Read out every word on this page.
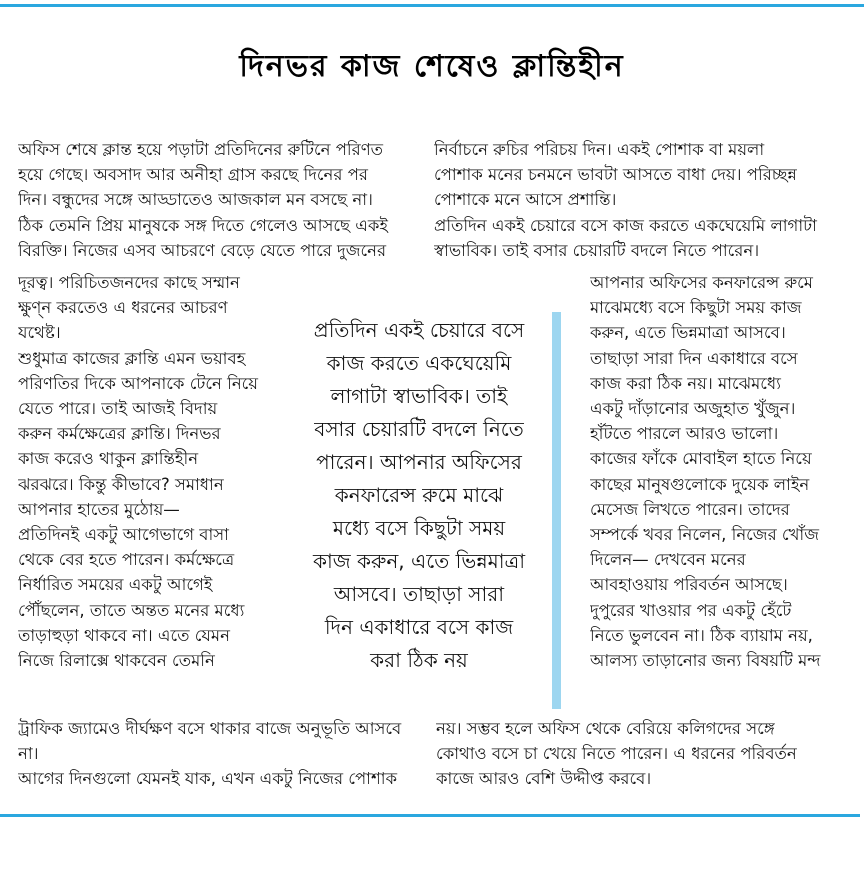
দিনভর কাজ শেষেও ক্লান্তিহীন
অফিস শেষে ক্লান্ত হয়ে পড়াটা প্রতিদিনের রুটিনে পরিণত
হয়ে গেছে। অবসাদ আর অনীহা গ্রাস করছে দিনের পর
দিন। বন্ধুদের সঙ্গে আড্ডাতেও আজকাল মন বসছে না।
ঠিক তেমনি প্রিয় মানুষকে সঙ্গ দিতে গেলেও আসছে একই
বিরক্তি। নিজের এসব আচরণে বেড়ে যেতে পারে দুজনের
নির্বাচনে রুচির পরিচয় দিন। একই পোশাক বা ময়লা
পোশাক মনের চনমনে ভাবটা আসতে বাধা দেয়। পরিচ্ছন্ন
পোশাকে মনে আসে প্রশান্তি।
প্রতিদিন একই চেয়ারে বসে কাজ করতে একঘেয়েমি লাগাটা
স্বাভাবিক। তাই বসার চেয়ারটি বদলে নিতে পারেন।
দূরত্ব। পরিচিতজনদের কাছে সম্মান
ক্ষুণ্ন করতেও এ ধরনের আচরণ
যথেষ্ট।
শুধুমাত্র কাজের ক্লান্তি এমন ভয়াবহ
পরিণতির দিকে আপনাকে টেনে নিয়ে
যেতে পারে। তাই আজই বিদায়
করুন কর্মক্ষেত্রের ক্লান্তি। দিনভর
কাজ করেও থাকুন ক্লান্তিহীন
ঝরঝরে। কিন্তু কীভাবে? সমাধান
আপনার হাতের মুঠোয়—
প্রতিদিনই একটু আগেভাগে বাসা
থেকে বের হতে পারেন। কর্মক্ষেত্রে
নির্ধারিত সময়ের একটু আগেই
পৌঁছলেন, তাতে অন্তত মনের মধ্যে
তাড়াহুড়া থাকবে না। এতে যেমন
নিজে রিলাক্সে থাকবেন তেমনি
প্রতিদিন একই চেয়ারে বসে
কাজ করতে একঘেয়েমি
লাগাটা স্বাভাবিক। তাই
বসার চেয়ারটি বদলে নিতে
পারেন। আপনার অফিসের
কনফারেন্স রুমে মাঝে
মধ্যে বসে কিছুটা সময়
কাজ করুন, এতে ভিন্নমাত্রা
আসবে। তাছাড়া সারা
দিন একাধারে বসে কাজ
করা ঠিক নয়
আপনার অফিসের কনফারেন্স রুমে
মাঝেমধ্যে বসে কিছুটা সময় কাজ
করুন, এতে ভিন্নমাত্রা আসবে।
তাছাড়া সারা দিন একাধারে বসে
কাজ করা ঠিক নয়। মাঝেমধ্যে
একটু দাঁড়ানোর অজুহাত খুঁজুন।
হাঁটতে পারলে আরও ভালো।
কাজের ফাঁকে মোবাইল হাতে নিয়ে
কাছের মানুষগুলোকে দুয়েক লাইন
মেসেজ লিখতে পারেন। তাদের
সম্পর্কে খবর নিলেন, নিজের খোঁজ
দিলেন— দেখবেন মনের
আবহাওয়ায় পরিবর্তন আসছে।
দুপুরের খাওয়ার পর একটু হেঁটে
নিতে ভুলবেন না। ঠিক ব্যায়াম নয়,
আলস্য তাড়ানোর জন্য বিষয়টি মন্দ
ট্রাফিক জ্যামেও দীর্ঘক্ষণ বসে থাকার বাজে অনুভূতি আসবে
না।
আগের দিনগুলো যেমনই যাক, এখন একটু নিজের পোশাক
নয়। সম্ভব হলে অফিস থেকে বেরিয়ে কলিগদের সঙ্গে
কোথাও বসে চা খেয়ে নিতে পারেন। এ ধরনের পরিবর্তন
কাজে আরও বেশি উদ্দীপ্ত করবে।
